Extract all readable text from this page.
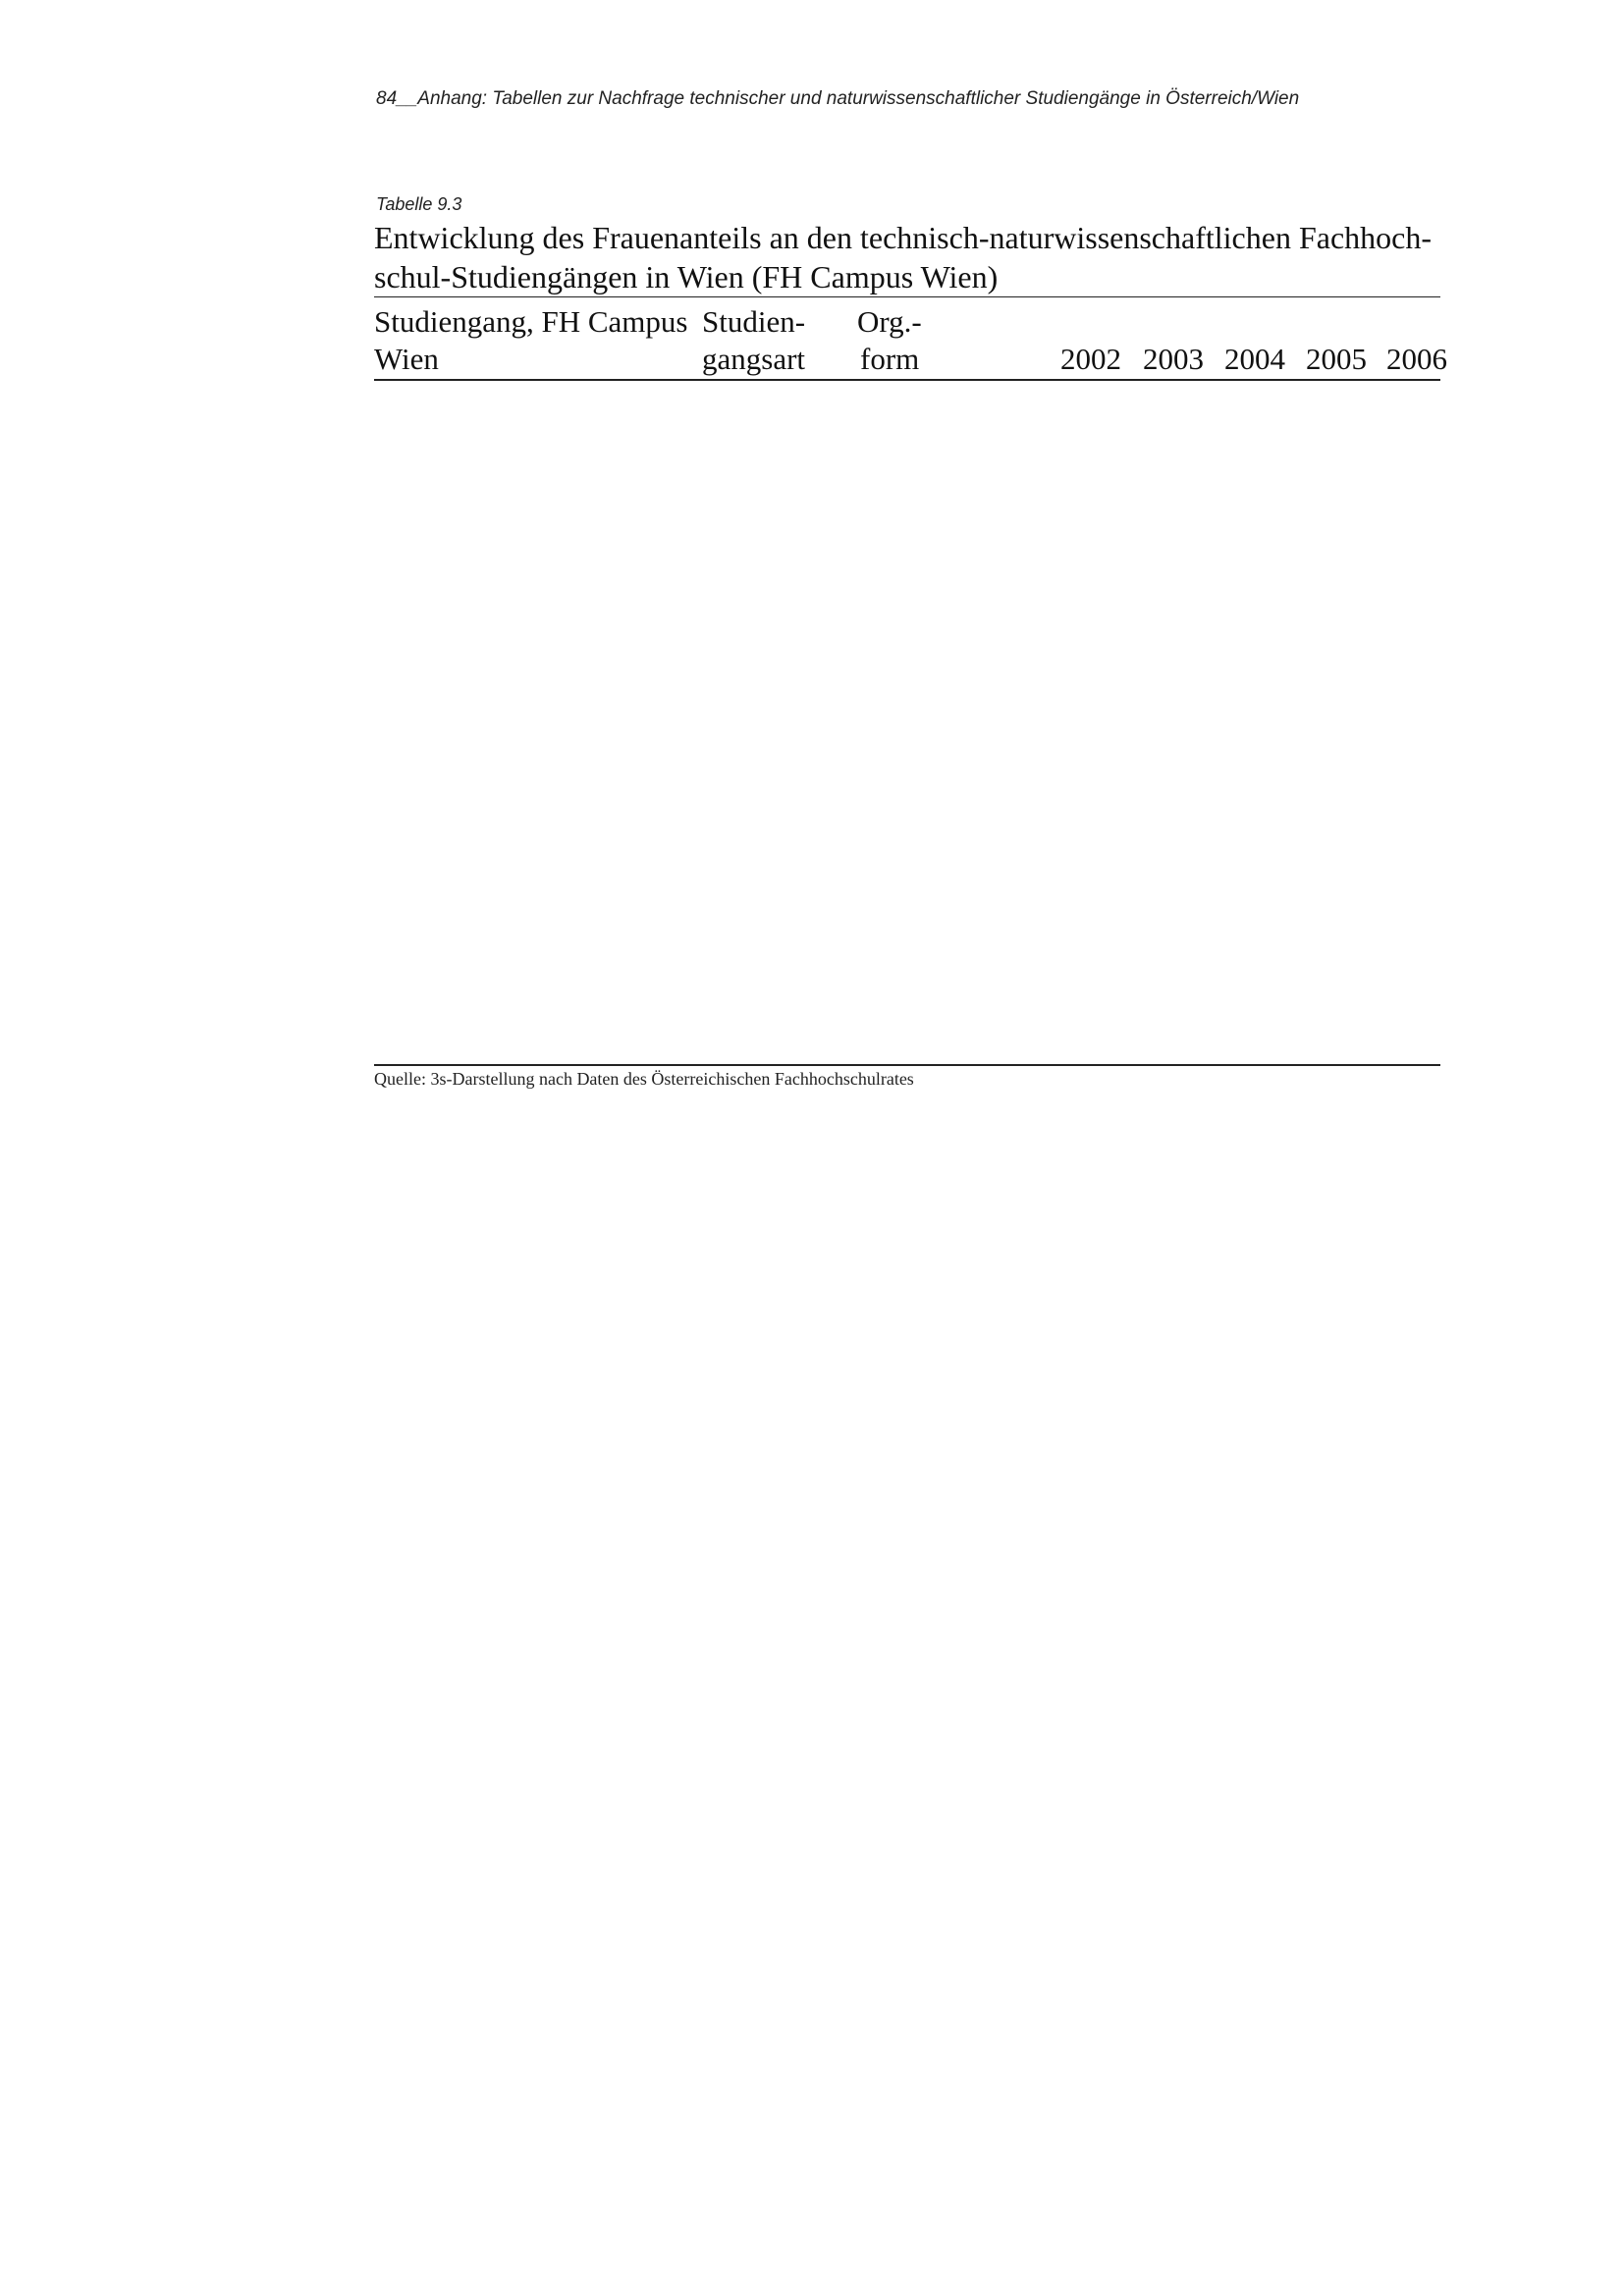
84__Anhang: Tabellen zur Nachfrage technischer und naturwissenschaftlicher Studiengänge in Österreich/Wien
Tabelle 9.3
Entwicklung des Frauenanteils an den technisch-naturwissenschaftlichen Fachhoch-
schul-Studiengängen in Wien (FH Campus Wien)
Studiengang, FH Campus
Wien
Studien-
gangsart
Org.-
form	2002 2003 2004 2005 2006
Quelle: 3s-Darstellung nach Daten des Österreichischen Fachhochschulrates
